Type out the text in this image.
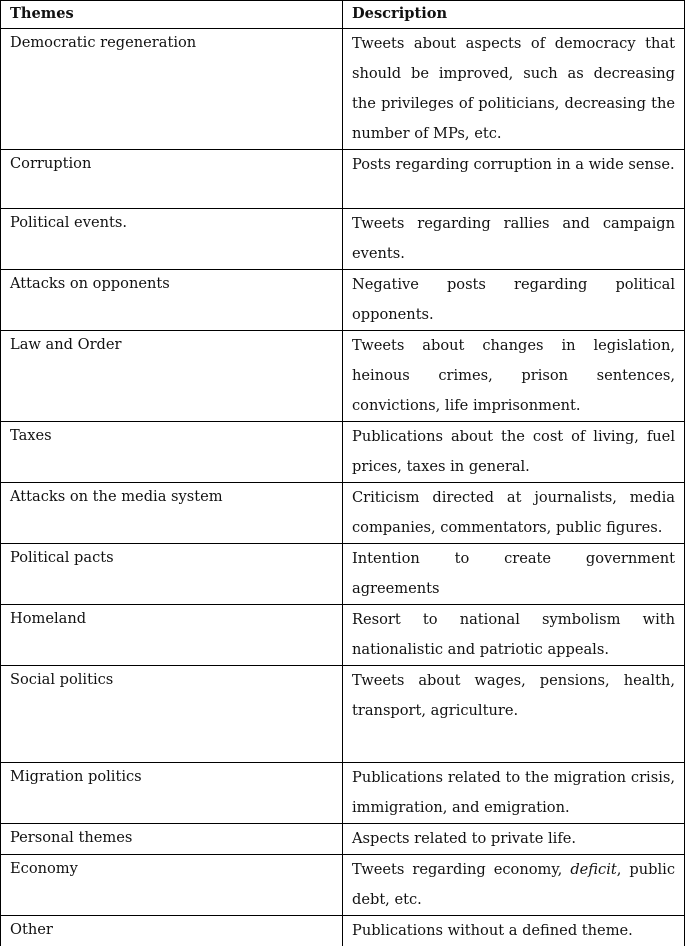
Themes	Description
Democratic regeneration	Tweets about aspects of democracy that should be improved, such as decreasing the privileges of politicians, decreasing the number of MPs, etc.
Corruption	Posts regarding corruption in a wide sense.
Political events.	Tweets regarding rallies and campaign events.
Attacks on opponents	Negative posts regarding political opponents.
Law and Order	Tweets about changes in legislation, heinous crimes, prison sentences, convictions, life imprisonment.
Taxes	Publications about the cost of living, fuel prices, taxes in general.
Attacks on the media system	Criticism directed at journalists, media companies, commentators, public figures.
Political pacts	Intention to create government agreements
Homeland	Resort to national symbolism with nationalistic and patriotic appeals.
Social politics	Tweets about wages, pensions, health, transport, agriculture.
Migration politics	Publications related to the migration crisis, immigration, and emigration.
Personal themes	Aspects related to private life.
Economy	Tweets regarding economy, deficit, public debt, etc.
Other	Publications without a defined theme.
